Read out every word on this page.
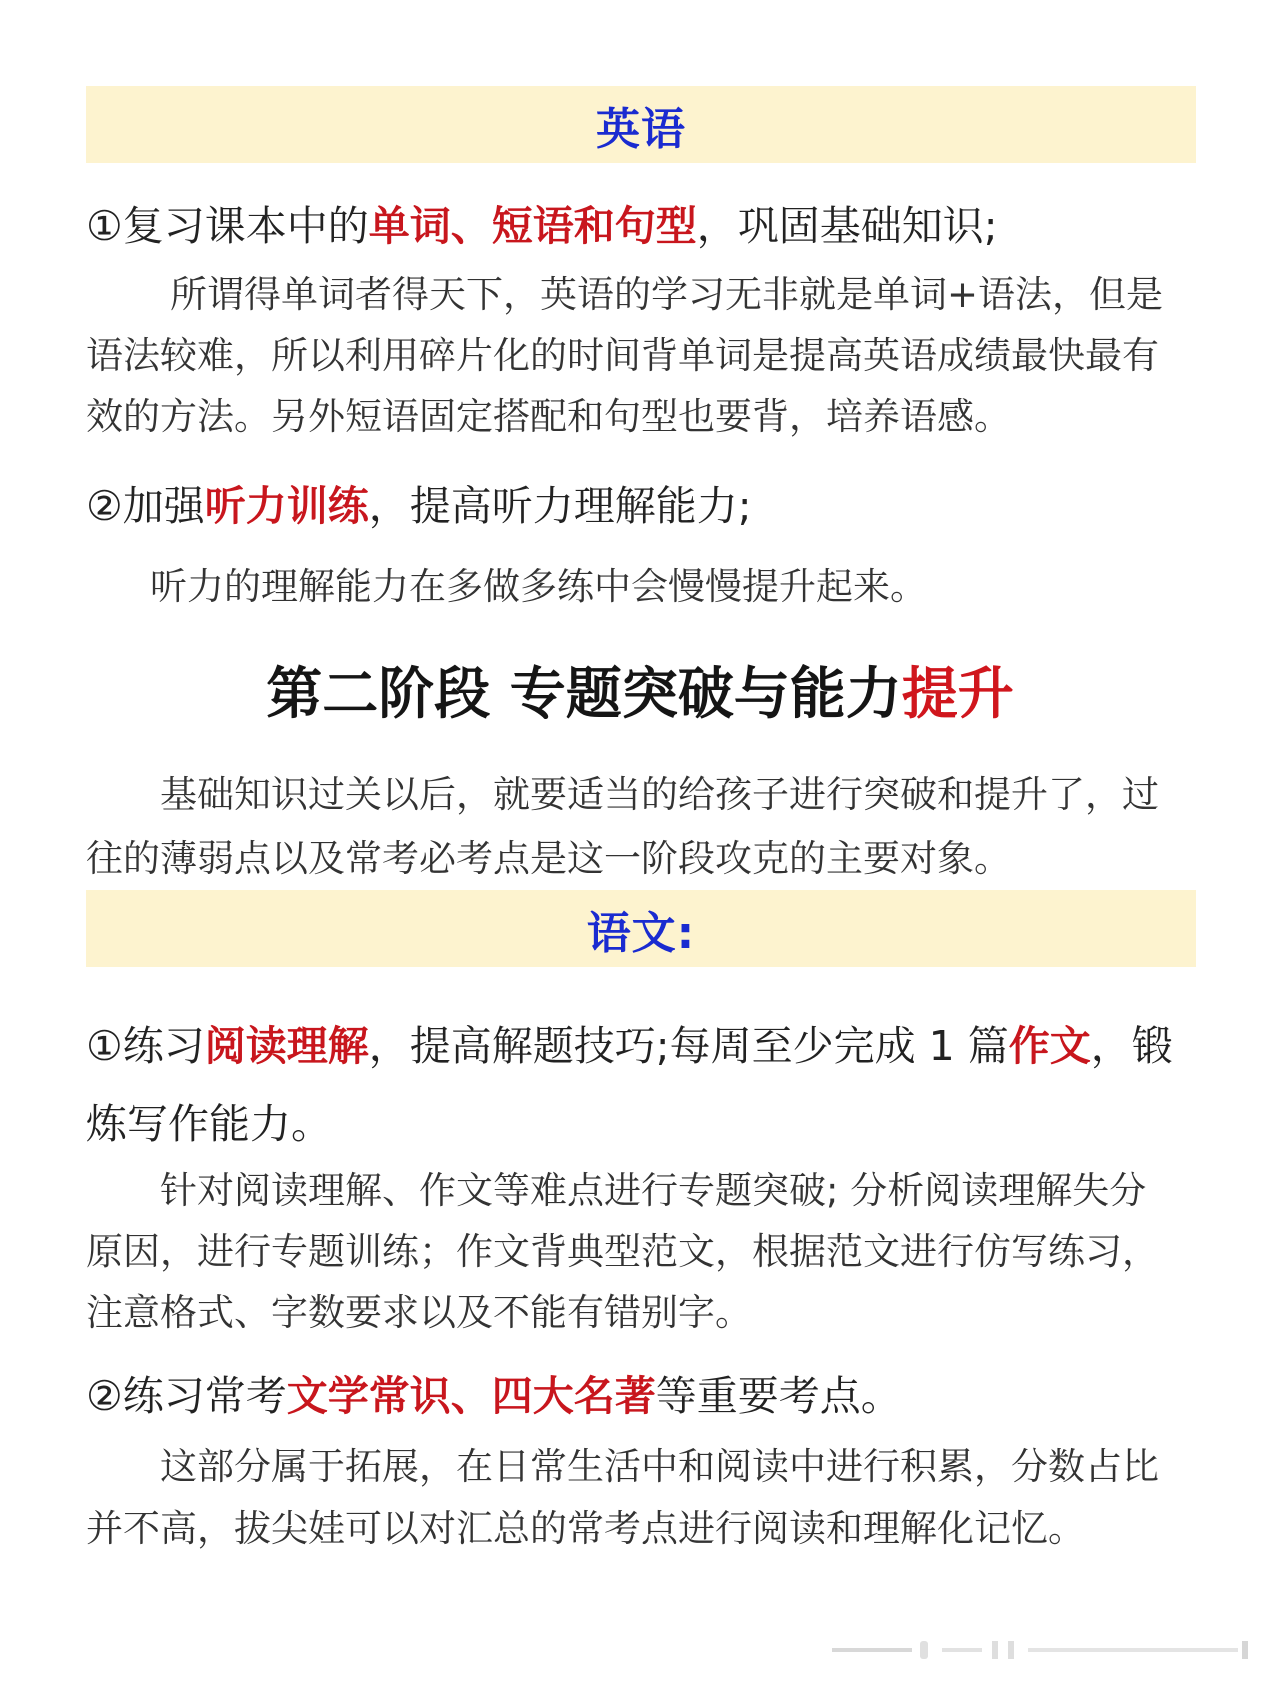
英语
①复习课本中的单词、短语和句型，巩固基础知识;
所谓得单词者得天下，英语的学习无非就是单词+语法，但是
语法较难，所以利用碎片化的时间背单词是提高英语成绩最快最有
效的方法。另外短语固定搭配和句型也要背，培养语感。
②加强听力训练，提高听力理解能力;
听力的理解能力在多做多练中会慢慢提升起来。
第二阶段 专题突破与能力提升
基础知识过关以后，就要适当的给孩子进行突破和提升了，过
往的薄弱点以及常考必考点是这一阶段攻克的主要对象。
语文:
①练习阅读理解，提高解题技巧;每周至少完成 1 篇作文，锻
炼写作能力。
针对阅读理解、作文等难点进行专题突破; 分析阅读理解失分
原因，进行专题训练；作文背典型范文，根据范文进行仿写练习，
注意格式、字数要求以及不能有错别字。
②练习常考文学常识、四大名著等重要考点。
这部分属于拓展，在日常生活中和阅读中进行积累，分数占比
并不高，拔尖娃可以对汇总的常考点进行阅读和理解化记忆。
